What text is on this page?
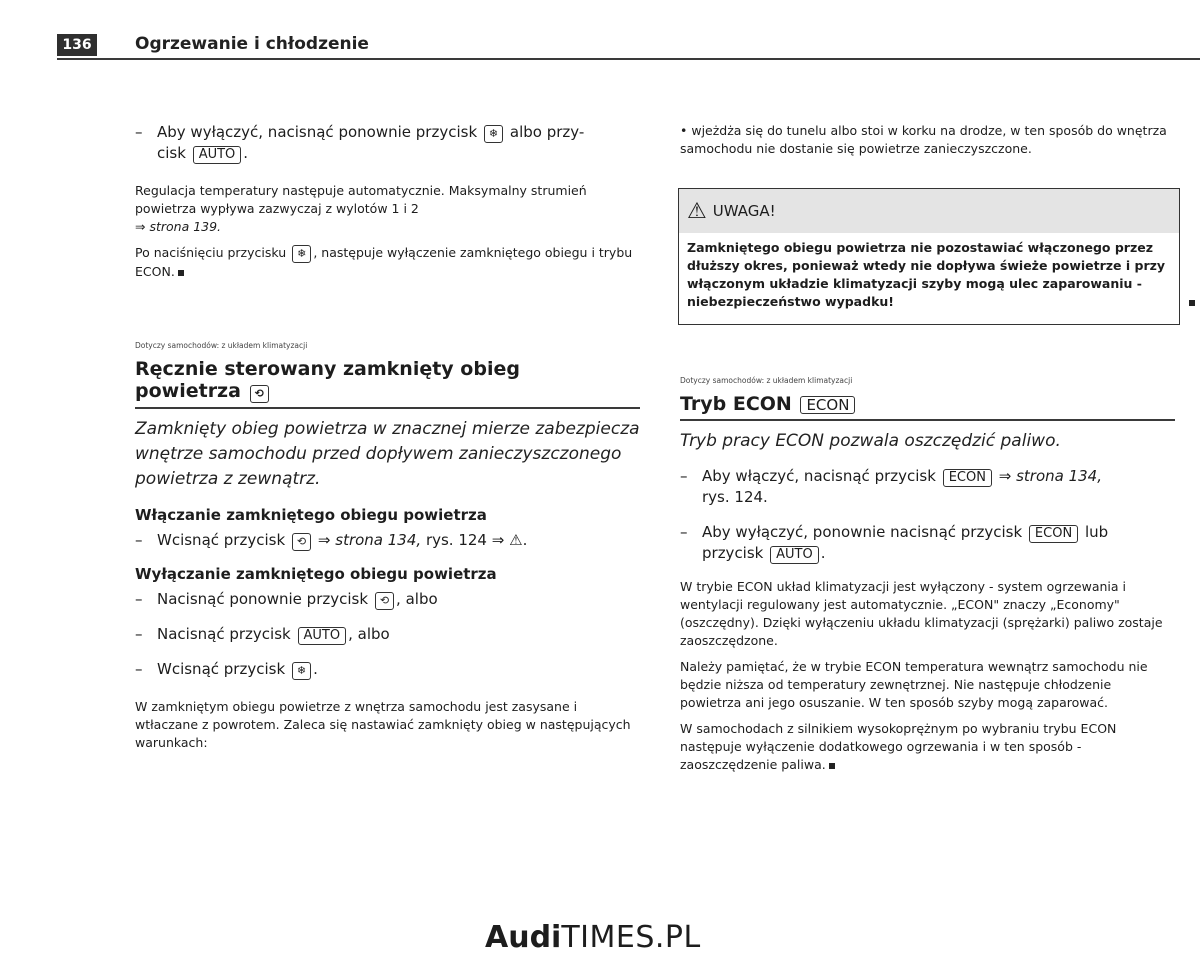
136	Ogrzewanie i chłodzenie
– Aby wyłączyć, nacisnąć ponownie przycisk ❄ albo przy-
cisk AUTO .

Regulacja temperatury następuje automatycznie. Maksymalny strumień powietrza wypływa zazwyczaj z wylotów 1 i 2
⇒ strona 139.

Po naciśnięciu przycisku ❄ , następuje wyłączenie zamkniętego obiegu i trybu ECON.

Dotyczy samochodów: z układem klimatyzacji
Ręcznie sterowany zamknięty obieg
powietrza ⟲
Zamknięty obieg powietrza w znacznej mierze zabezpiecza wnętrze samochodu przed dopływem zanieczyszczonego powietrza z zewnątrz.
Włączanie zamkniętego obiegu powietrza
– Wcisnąć przycisk ⟲ ⇒ strona 134, rys. 124 ⇒ ⚠.
Wyłączanie zamkniętego obiegu powietrza
– Nacisnąć ponownie przycisk ⟲ , albo
– Nacisnąć przycisk AUTO , albo
– Wcisnąć przycisk ❄ .

W zamkniętym obiegu powietrze z wnętrza samochodu jest zasysane i wtłaczane z powrotem. Zaleca się nastawiać zamknięty obieg w następujących warunkach:

• wjeżdża się do tunelu albo stoi w korku na drodze, w ten sposób do wnętrza samochodu nie dostanie się powietrze zanieczyszczone.

⚠ UWAGA!
Zamkniętego obiegu powietrza nie pozostawiać włączonego przez dłuższy okres, ponieważ wtedy nie dopływa świeże powietrze i przy włączonym układzie klimatyzacji szyby mogą ulec zaparowaniu - niebezpieczeństwo wypadku!
Dotyczy samochodów: z układem klimatyzacji
Tryb ECON ECON
Tryb pracy ECON pozwala oszczędzić paliwo.
– Aby włączyć, nacisnąć przycisk ECON ⇒ strona 134,
rys. 124.
– Aby wyłączyć, ponownie nacisnąć przycisk ECON lub
przycisk AUTO .

W trybie ECON układ klimatyzacji jest wyłączony - system ogrzewania i wentylacji regulowany jest automatycznie. „ECON" znaczy „Economy" (oszczędny). Dzięki wyłączeniu układu klimatyzacji (sprężarki) paliwo zostaje zaoszczędzone.

Należy pamiętać, że w trybie ECON temperatura wewnątrz samochodu nie będzie niższa od temperatury zewnętrznej. Nie następuje chłodzenie powietrza ani jego osuszanie. W ten sposób szyby mogą zaparować.

W samochodach z silnikiem wysokoprężnym po wybraniu trybu ECON następuje wyłączenie dodatkowego ogrzewania i w ten sposób - zaoszczędzenie paliwa.

AudiTIMES.PL
